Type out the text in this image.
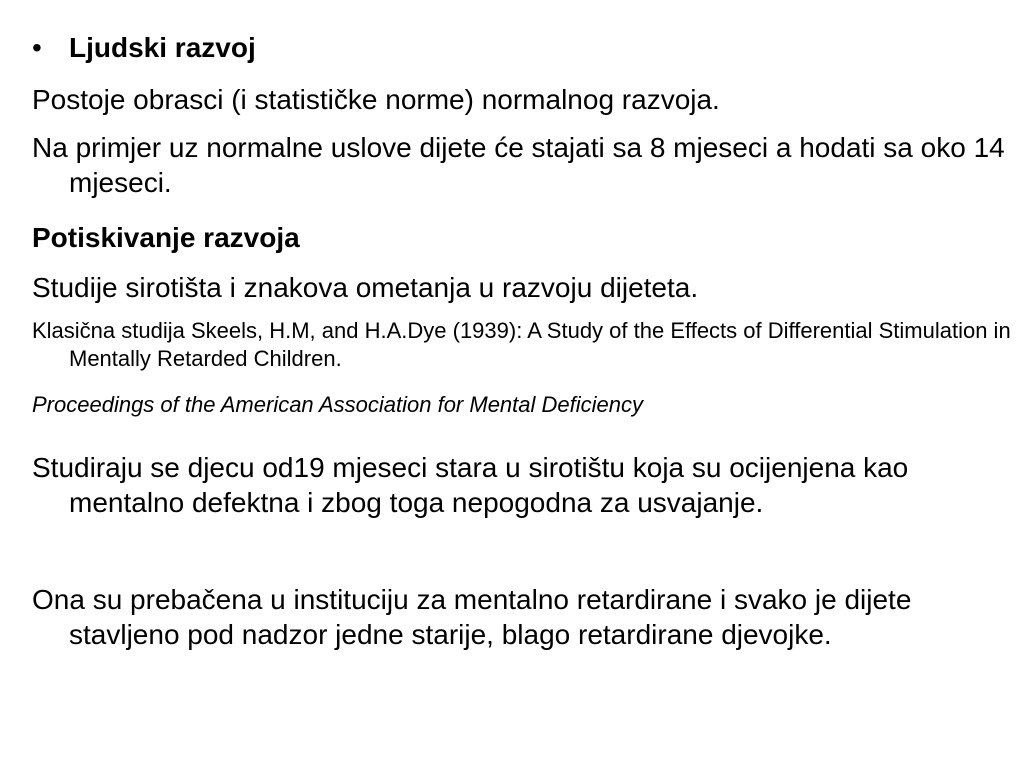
• Ljudski razvoj

Postoje obrasci (i statističke norme) normalnog razvoja.

Na primjer uz normalne uslove dijete će stajati sa 8 mjeseci a hodati sa oko 14 mjeseci.

Potiskivanje razvoja

Studije sirotišta i znakova ometanja u razvoju dijeteta.

Klasična studija Skeels, H.M, and H.A.Dye (1939): A Study of the Effects of Differential Stimulation in Mentally Retarded Children.

Proceedings of the American Association for Mental Deficiency

Studiraju se djecu od19 mjeseci stara u sirotištu koja su ocijenjena kao mentalno defektna i zbog toga nepogodna za usvajanje.

Ona su prebačena u instituciju za mentalno retardirane i svako je dijete stavljeno pod nadzor jedne starije, blago retardirane djevojke.
